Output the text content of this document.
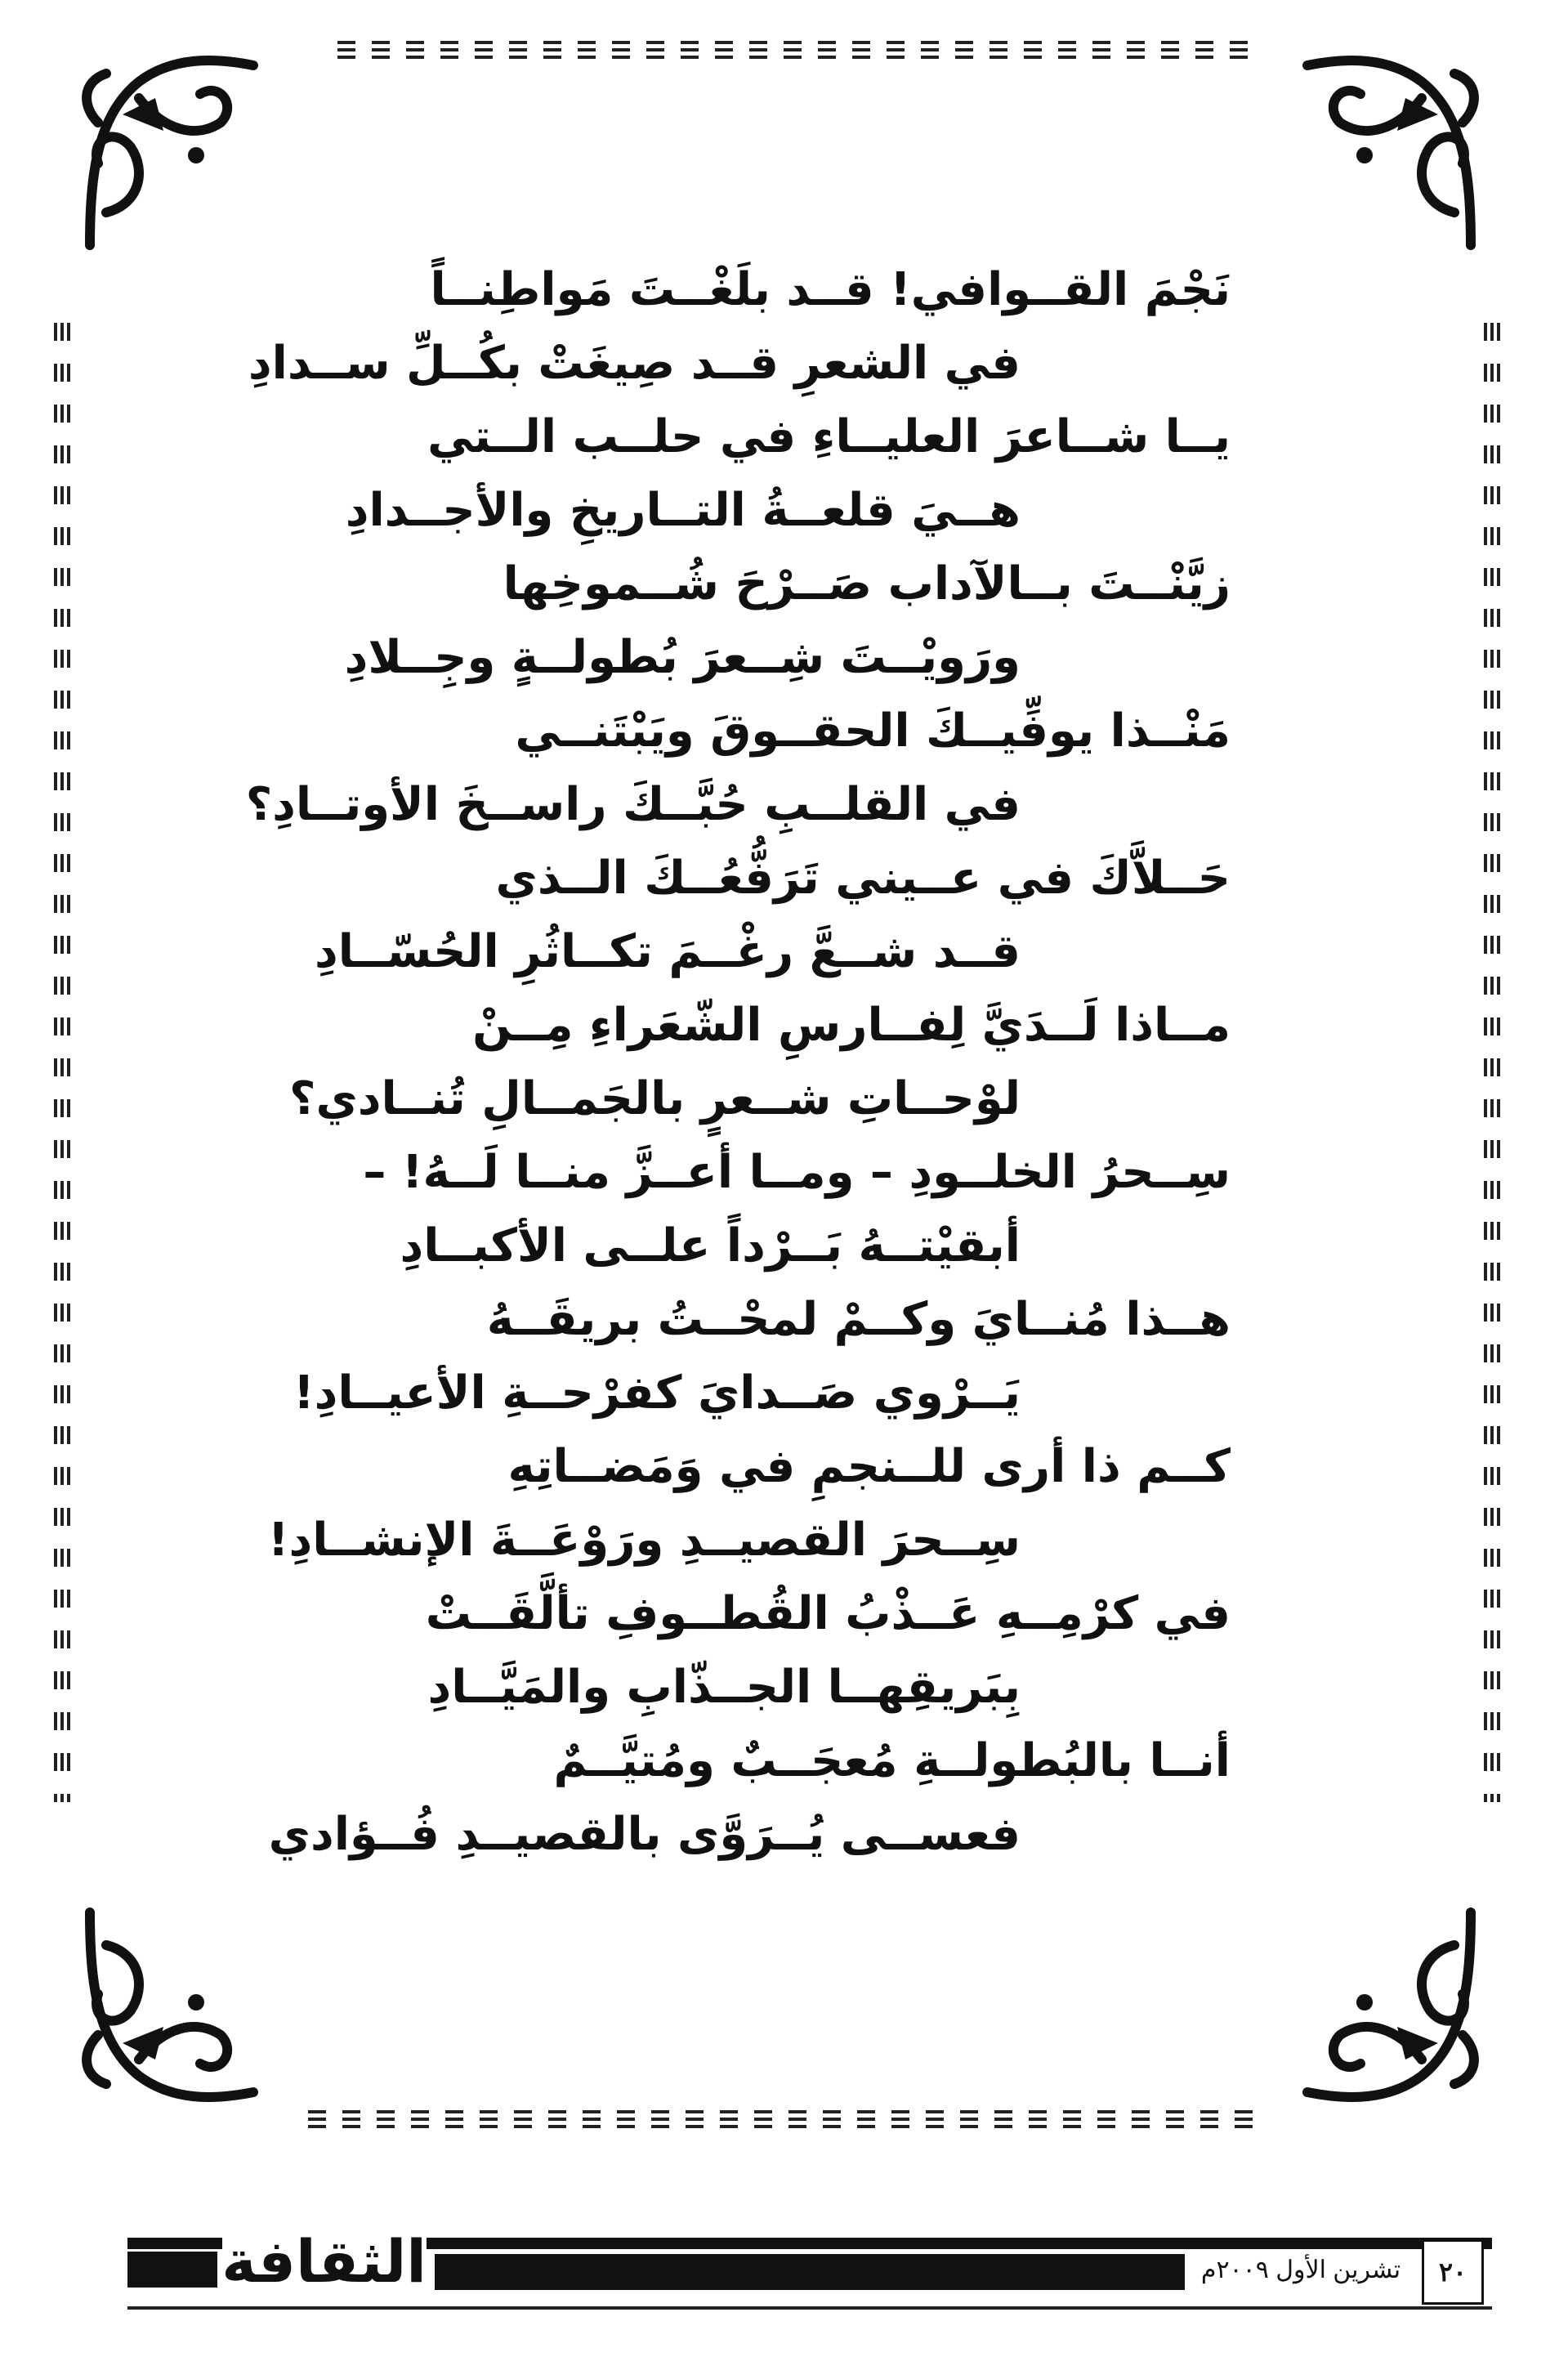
نَجْمَ القــوافي! قــد بلَغْــتَ مَواطِنــاً
في الشعرِ قــد صِيغَتْ بكُــلِّ ســدادِ
يــا شــاعرَ العليــاءِ في حلــب الــتي
هــيَ قلعــةُ التــاريخِ والأجــدادِ
زيَّنْــتَ بــالآداب صَــرْحَ شُــموخِها
ورَويْــتَ شِــعرَ بُطولــةٍ وجِــلادِ
مَنْــذا يوفِّيــكَ الحقــوقَ ويَبْتَنــي
في القلــبِ حُبَّــكَ راســخَ الأوتــادِ؟
حَــلاَّكَ في عــيني تَرَفُّعُــكَ الــذي
قــد شــعَّ رغْــمَ تكــاثُرِ الحُسّــادِ
مــاذا لَــدَيَّ لِفــارسِ الشّعَراءِ مِــنْ
لوْحــاتِ شــعرٍ بالجَمــالِ تُنــادي؟
سِــحرُ الخلــودِ – ومــا أعــزَّ منــا لَــهُ! –
أبقيْتــهُ بَــرْداً علــى الأكبــادِ
هــذا مُنــايَ وكــمْ لمحْــتُ بريقَــهُ
يَــرْوي صَــدايَ كفرْحــةِ الأعيــادِ!
كــم ذا أرى للــنجمِ في وَمَضــاتِهِ
سِــحرَ القصيــدِ ورَوْعَــةَ الإنشــادِ!
في كرْمِــهِ عَــذْبُ القُطــوفِ تألَّقَــتْ
بِبَريقِهــا الجــذّابِ والمَيَّــادِ
أنــا بالبُطولــةِ مُعجَــبٌ ومُتيَّــمٌ
فعســى يُــرَوَّى بالقصيــدِ فُــؤادي
الثقافة	تشرين الأول ٢٠٠٩م	٢٠
